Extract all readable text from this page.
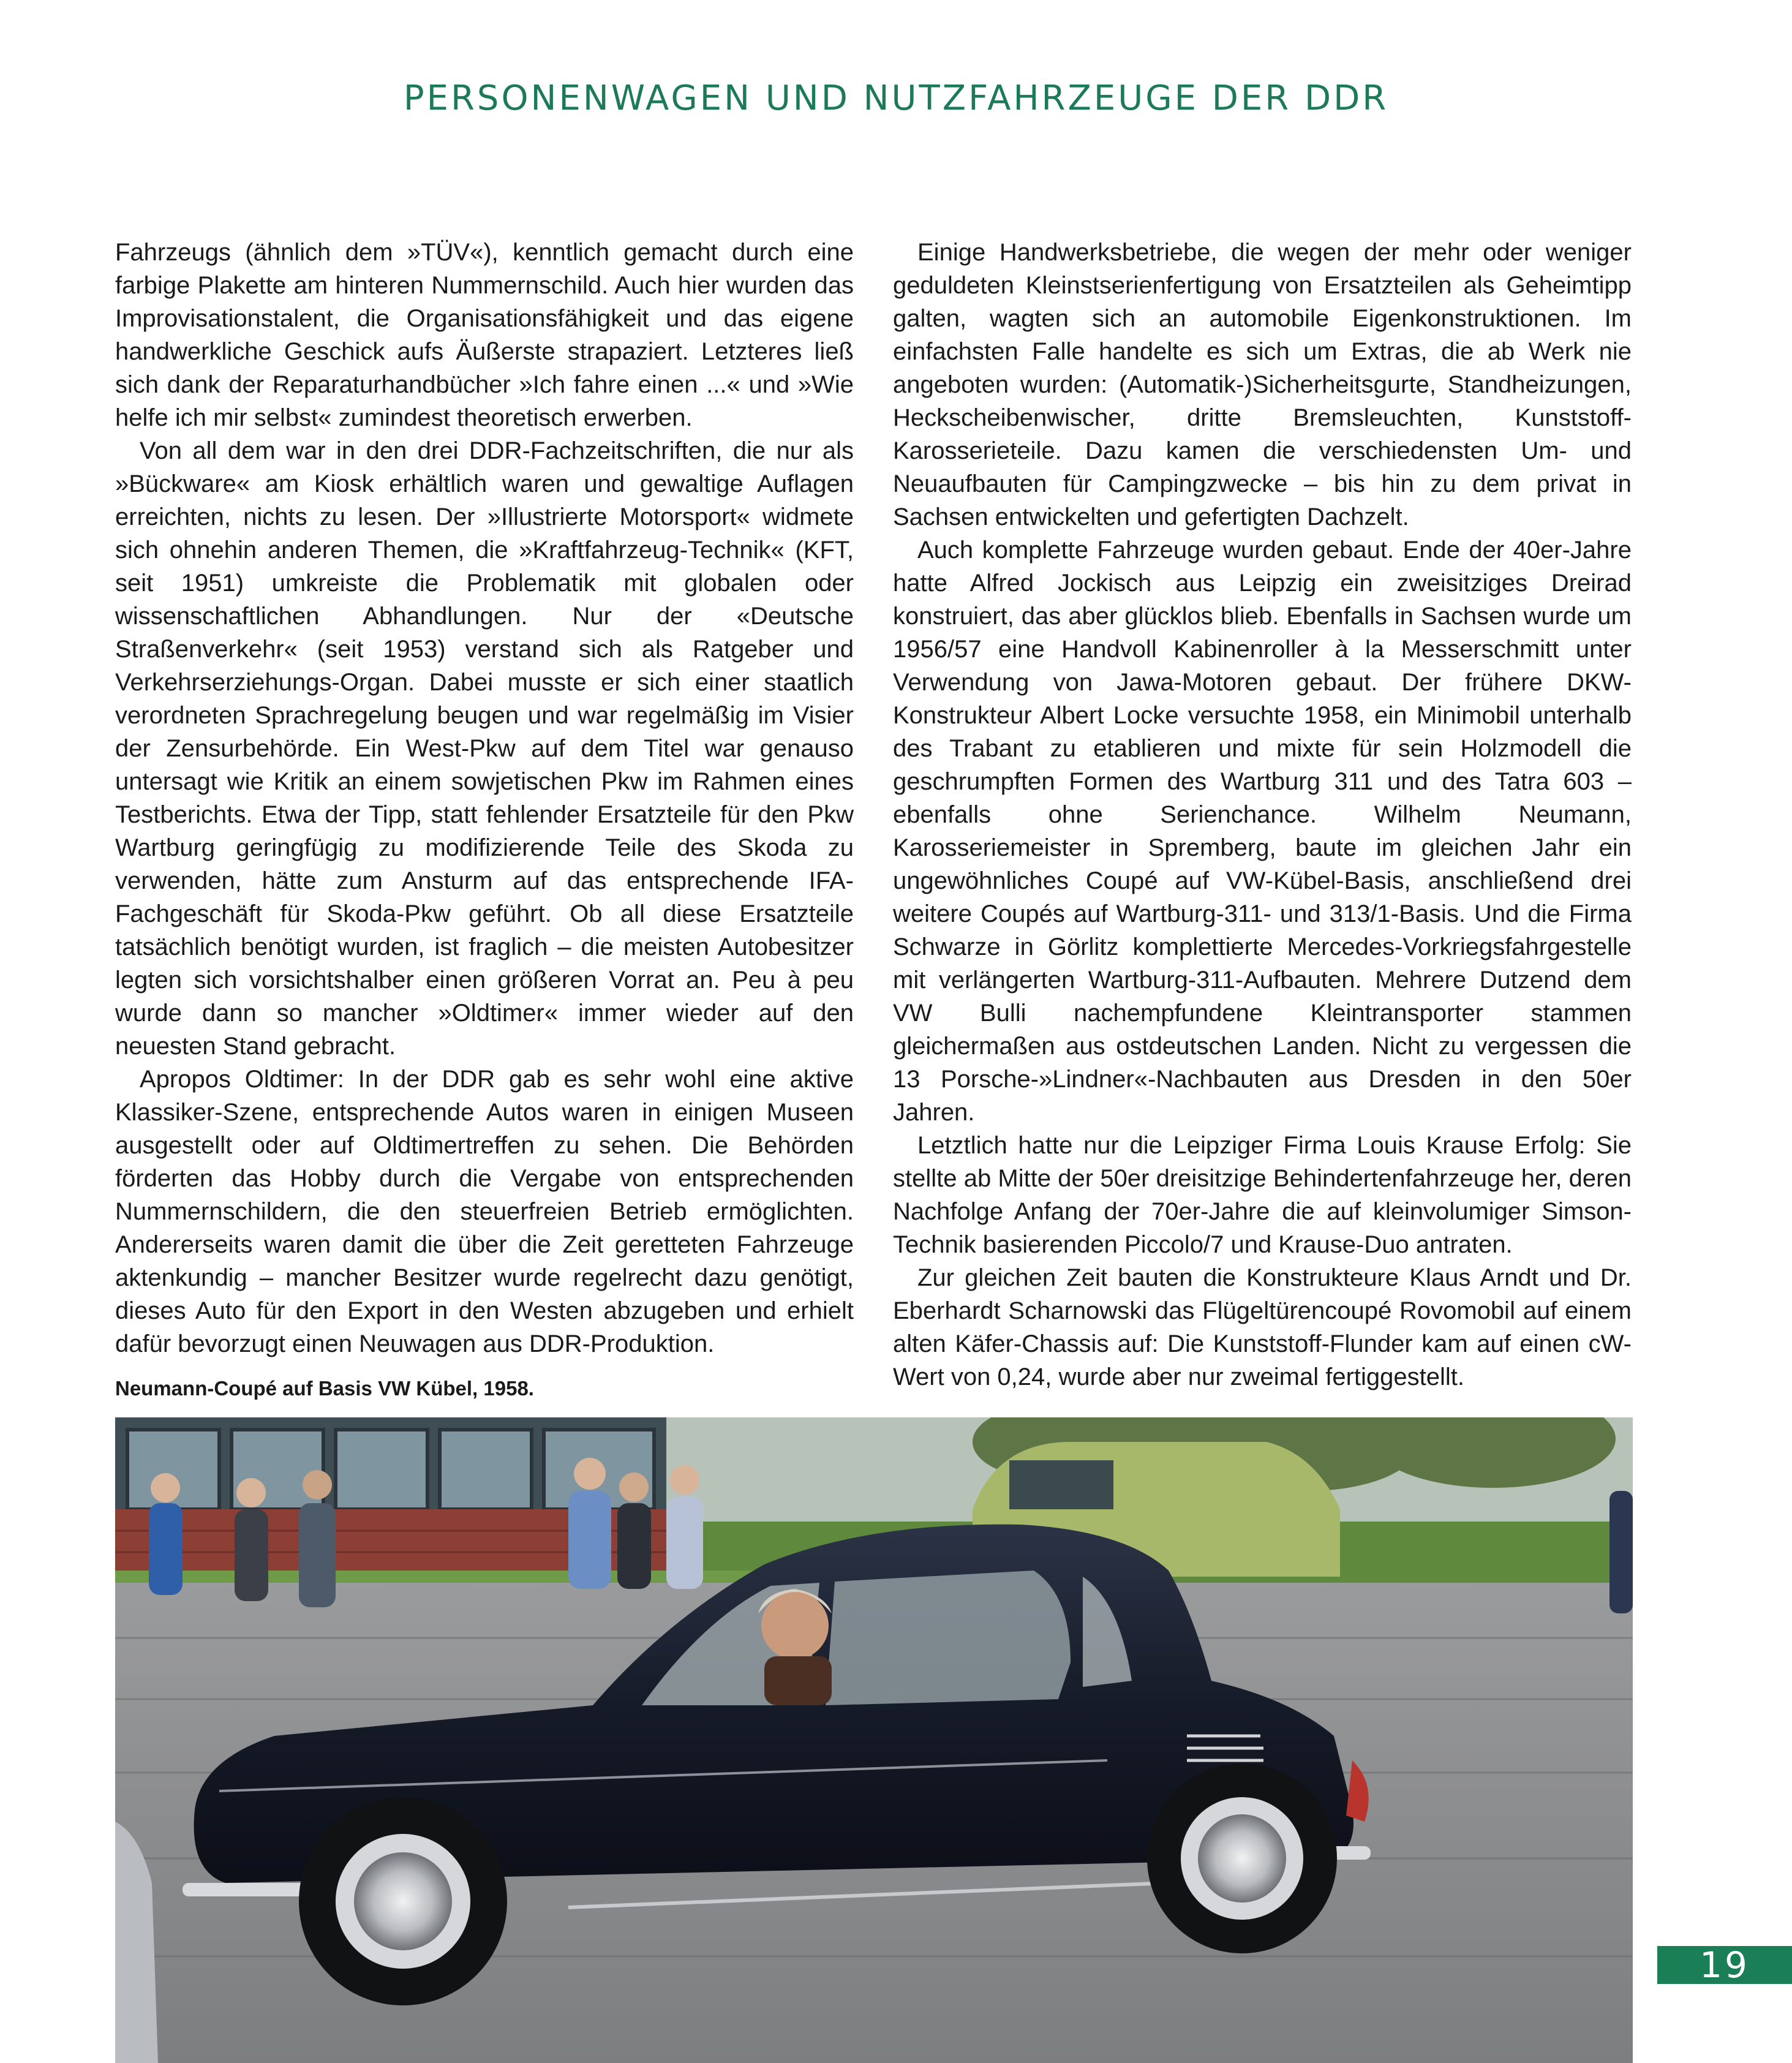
PERSONENWAGEN UND NUTZFAHRZEUGE DER DDR

Fahrzeugs (ähnlich dem »TÜV«), kenntlich gemacht durch eine farbige Plakette am hinteren Nummernschild. Auch hier wurden das Improvisationstalent, die Organisationsfähigkeit und das eigene handwerkliche Geschick aufs Äußerste strapaziert. Letzteres ließ sich dank der Reparaturhandbücher »Ich fahre einen ...« und »Wie helfe ich mir selbst« zumindest theoretisch erwerben.

Von all dem war in den drei DDR-Fachzeitschriften, die nur als »Bückware« am Kiosk erhältlich waren und gewaltige Auflagen erreichten, nichts zu lesen. Der »Illustrierte Motorsport« widmete sich ohnehin anderen Themen, die »Kraftfahrzeug-Technik« (KFT, seit 1951) umkreiste die Problematik mit globalen oder wissenschaftlichen Abhandlungen. Nur der «Deutsche Straßenverkehr« (seit 1953) verstand sich als Ratgeber und Verkehrserziehungs-Organ. Dabei musste er sich einer staatlich verordneten Sprachregelung beugen und war regelmäßig im Visier der Zensurbehörde. Ein West-Pkw auf dem Titel war genauso untersagt wie Kritik an einem sowjetischen Pkw im Rahmen eines Testberichts. Etwa der Tipp, statt fehlender Ersatzteile für den Pkw Wartburg geringfügig zu modifizierende Teile des Skoda zu verwenden, hätte zum Ansturm auf das entsprechende IFA-Fachgeschäft für Skoda-Pkw geführt. Ob all diese Ersatzteile tatsächlich benötigt wurden, ist fraglich – die meisten Autobesitzer legten sich vorsichtshalber einen größeren Vorrat an. Peu à peu wurde dann so mancher »Oldtimer« immer wieder auf den neuesten Stand gebracht.

Apropos Oldtimer: In der DDR gab es sehr wohl eine aktive Klassiker-Szene, entsprechende Autos waren in einigen Museen ausgestellt oder auf Oldtimertreffen zu sehen. Die Behörden förderten das Hobby durch die Vergabe von entsprechenden Nummernschildern, die den steuerfreien Betrieb ermöglichten. Andererseits waren damit die über die Zeit geretteten Fahrzeuge aktenkundig – mancher Besitzer wurde regelrecht dazu genötigt, dieses Auto für den Export in den Westen abzugeben und erhielt dafür bevorzugt einen Neuwagen aus DDR-Produktion.

Einige Handwerksbetriebe, die wegen der mehr oder weniger geduldeten Kleinstserienfertigung von Ersatzteilen als Geheimtipp galten, wagten sich an automobile Eigenkonstruktionen. Im einfachsten Falle handelte es sich um Extras, die ab Werk nie angeboten wurden: (Automatik-)Sicherheitsgurte, Standheizungen, Heckscheibenwischer, dritte Bremsleuchten, Kunststoff-Karosserieteile. Dazu kamen die verschiedensten Um- und Neuaufbauten für Campingzwecke – bis hin zu dem privat in Sachsen entwickelten und gefertigten Dachzelt.

Auch komplette Fahrzeuge wurden gebaut. Ende der 40er-Jahre hatte Alfred Jockisch aus Leipzig ein zweisitziges Dreirad konstruiert, das aber glücklos blieb. Ebenfalls in Sachsen wurde um 1956/57 eine Handvoll Kabinenroller à la Messerschmitt unter Verwendung von Jawa-Motoren gebaut. Der frühere DKW-Konstrukteur Albert Locke versuchte 1958, ein Minimobil unterhalb des Trabant zu etablieren und mixte für sein Holzmodell die geschrumpften Formen des Wartburg 311 und des Tatra 603 – ebenfalls ohne Serienchance. Wilhelm Neumann, Karosseriemeister in Spremberg, baute im gleichen Jahr ein ungewöhnliches Coupé auf VW-Kübel-Basis, anschließend drei weitere Coupés auf Wartburg-311- und 313/1-Basis. Und die Firma Schwarze in Görlitz komplettierte Mercedes-Vorkriegsfahrgestelle mit verlängerten Wartburg-311-Aufbauten. Mehrere Dutzend dem VW Bulli nachempfundene Kleintransporter stammen gleichermaßen aus ostdeutschen Landen. Nicht zu vergessen die 13 Porsche-»Lindner«-Nachbauten aus Dresden in den 50er Jahren.

Letztlich hatte nur die Leipziger Firma Louis Krause Erfolg: Sie stellte ab Mitte der 50er dreisitzige Behindertenfahrzeuge her, deren Nachfolge Anfang der 70er-Jahre die auf kleinvolumiger Simson-Technik basierenden Piccolo/7 und Krause-Duo antraten.

Zur gleichen Zeit bauten die Konstrukteure Klaus Arndt und Dr. Eberhardt Scharnowski das Flügeltürencoupé Rovomobil auf einem alten Käfer-Chassis auf: Die Kunststoff-Flunder kam auf einen cW-Wert von 0,24, wurde aber nur zweimal fertiggestellt.

Neumann-Coupé auf Basis VW Kübel, 1958.
19
